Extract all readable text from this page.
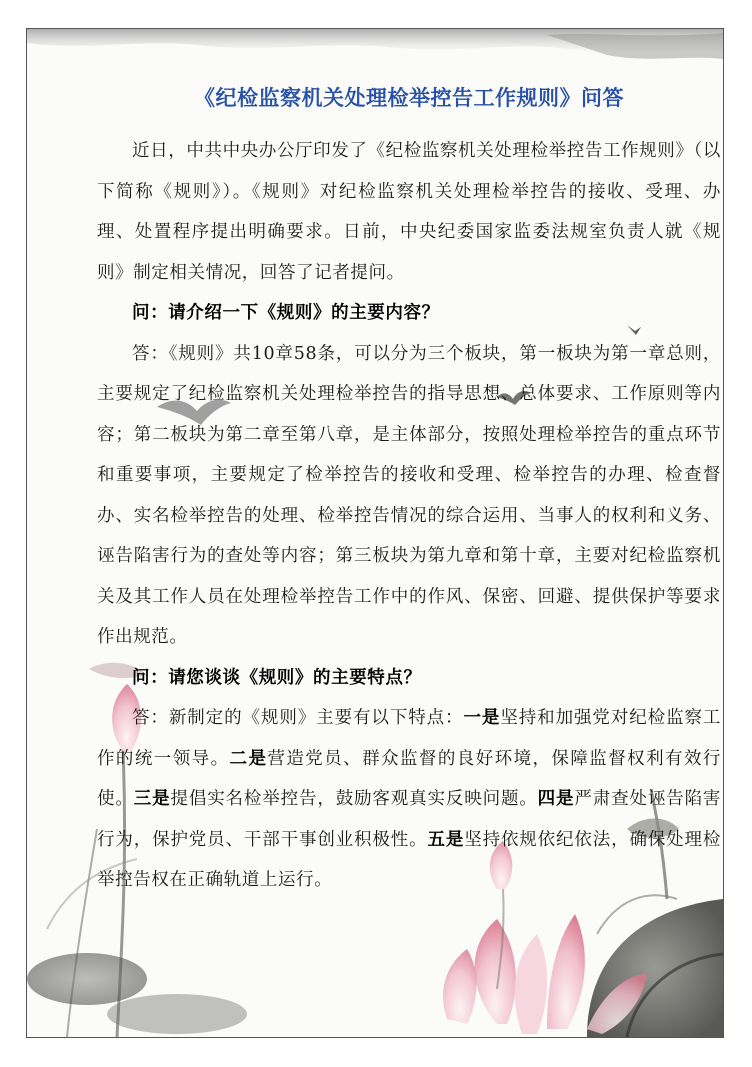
《纪检监察机关处理检举控告工作规则》问答

近日，中共中央办公厅印发了《纪检监察机关处理检举控告工作规则》（以下简称《规则》）。《规则》对纪检监察机关处理检举控告的接收、受理、办理、处置程序提出明确要求。日前，中央纪委国家监委法规室负责人就《规则》制定相关情况，回答了记者提问。

问：请介绍一下《规则》的主要内容？

答：《规则》共10章58条，可以分为三个板块，第一板块为第一章总则，主要规定了纪检监察机关处理检举控告的指导思想、总体要求、工作原则等内容；第二板块为第二章至第八章，是主体部分，按照处理检举控告的重点环节和重要事项，主要规定了检举控告的接收和受理、检举控告的办理、检查督办、实名检举控告的处理、检举控告情况的综合运用、当事人的权利和义务、诬告陷害行为的查处等内容；第三板块为第九章和第十章，主要对纪检监察机关及其工作人员在处理检举控告工作中的作风、保密、回避、提供保护等要求作出规范。

问：请您谈谈《规则》的主要特点？

答：新制定的《规则》主要有以下特点：一是坚持和加强党对纪检监察工作的统一领导。二是营造党员、群众监督的良好环境，保障监督权利有效行使。三是提倡实名检举控告，鼓励客观真实反映问题。四是严肃查处诬告陷害行为，保护党员、干部干事创业积极性。五是坚持依规依纪依法，确保处理检举控告权在正确轨道上运行。
